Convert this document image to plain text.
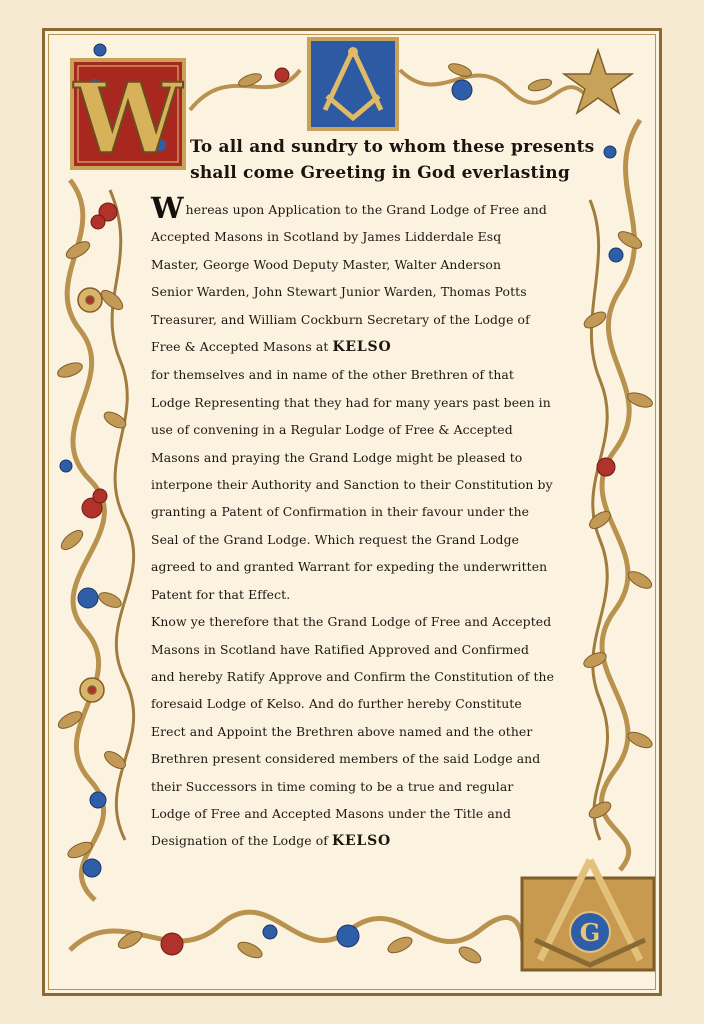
W
G
To all and sundry to whom these presents
shall come Greeting in God everlasting
Whereas upon Application to the Grand Lodge of Free and
Accepted Masons in Scotland by James Lidderdale Esq
Master, George Wood Deputy Master, Walter Anderson
Senior Warden, John Stewart Junior Warden, Thomas Potts
Treasurer, and William Cockburn Secretary of the Lodge of
Free & Accepted Masons at KELSO
for themselves and in name of the other Brethren of that
Lodge Representing that they had for many years past been in
use of convening in a Regular Lodge of Free & Accepted
Masons and praying the Grand Lodge might be pleased to
interpone their Authority and Sanction to their Constitution by
granting a Patent of Confirmation in their favour under the
Seal of the Grand Lodge. Which request the Grand Lodge
agreed to and granted Warrant for expeding the underwritten
Patent for that Effect.
Know ye therefore that the Grand Lodge of Free and Accepted
Masons in Scotland have Ratified Approved and Confirmed
and hereby Ratify Approve and Confirm the Constitution of the
foresaid Lodge of Kelso. And do further hereby Constitute
Erect and Appoint the Brethren above named and the other
Brethren present considered members of the said Lodge and
their Successors in time coming to be a true and regular
Lodge of Free and Accepted Masons under the Title and
Designation of the Lodge of KELSO
